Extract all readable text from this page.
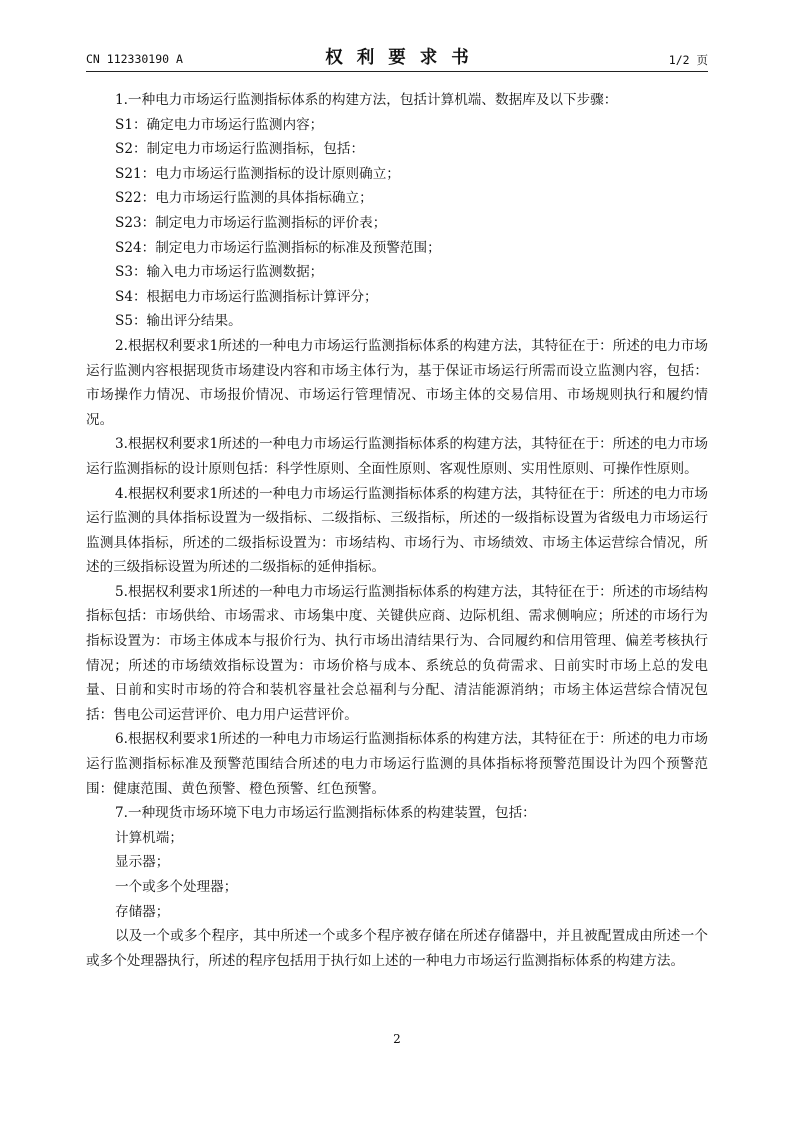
CN 112330190 A	权利要求书	1/2 页

1.一种电力市场运行监测指标体系的构建方法，包括计算机端、数据库及以下步骤：

S1：确定电力市场运行监测内容；

S2：制定电力市场运行监测指标，包括：

S21：电力市场运行监测指标的设计原则确立；

S22：电力市场运行监测的具体指标确立；

S23：制定电力市场运行监测指标的评价表；

S24：制定电力市场运行监测指标的标准及预警范围；

S3：输入电力市场运行监测数据；

S4：根据电力市场运行监测指标计算评分；

S5：输出评分结果。

2.根据权利要求1所述的一种电力市场运行监测指标体系的构建方法，其特征在于：所述的电力市场运行监测内容根据现货市场建设内容和市场主体行为，基于保证市场运行所需而设立监测内容，包括：市场操作力情况、市场报价情况、市场运行管理情况、市场主体的交易信用、市场规则执行和履约情况。

3.根据权利要求1所述的一种电力市场运行监测指标体系的构建方法，其特征在于：所述的电力市场运行监测指标的设计原则包括：科学性原则、全面性原则、客观性原则、实用性原则、可操作性原则。

4.根据权利要求1所述的一种电力市场运行监测指标体系的构建方法，其特征在于：所述的电力市场运行监测的具体指标设置为一级指标、二级指标、三级指标，所述的一级指标设置为省级电力市场运行监测具体指标，所述的二级指标设置为：市场结构、市场行为、市场绩效、市场主体运营综合情况，所述的三级指标设置为所述的二级指标的延伸指标。

5.根据权利要求1所述的一种电力市场运行监测指标体系的构建方法，其特征在于：所述的市场结构指标包括：市场供给、市场需求、市场集中度、关键供应商、边际机组、需求侧响应；所述的市场行为指标设置为：市场主体成本与报价行为、执行市场出清结果行为、合同履约和信用管理、偏差考核执行情况；所述的市场绩效指标设置为：市场价格与成本、系统总的负荷需求、日前实时市场上总的发电量、日前和实时市场的符合和装机容量社会总福利与分配、清洁能源消纳；市场主体运营综合情况包括：售电公司运营评价、电力用户运营评价。

6.根据权利要求1所述的一种电力市场运行监测指标体系的构建方法，其特征在于：所述的电力市场运行监测指标标准及预警范围结合所述的电力市场运行监测的具体指标将预警范围设计为四个预警范围：健康范围、黄色预警、橙色预警、红色预警。

7.一种现货市场环境下电力市场运行监测指标体系的构建装置，包括：

计算机端；

显示器；

一个或多个处理器；

存储器；

以及一个或多个程序，其中所述一个或多个程序被存储在所述存储器中，并且被配置成由所述一个或多个处理器执行，所述的程序包括用于执行如上述的一种电力市场运行监测指标体系的构建方法。

2
